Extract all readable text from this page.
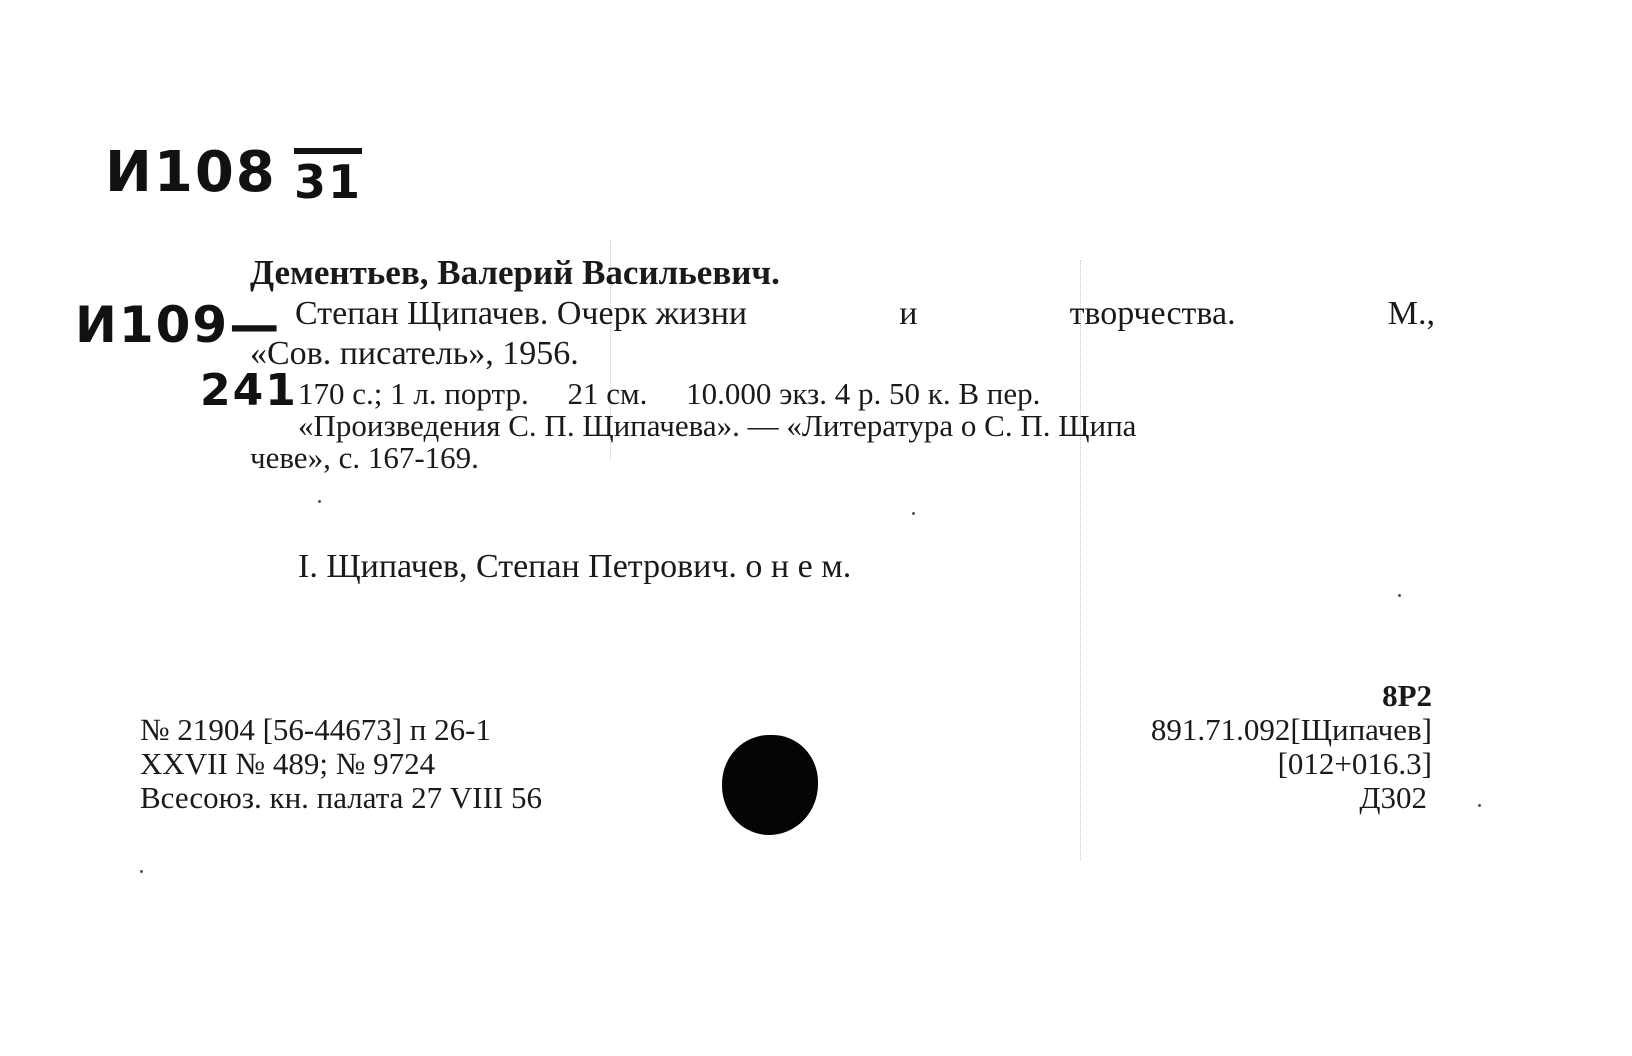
И108 31
И109—
241
Дементьев, Валерий Васильевич.
Степан Щипачев. Очерк жизни	и	творчества.	М.,
«Сов. писатель», 1956.
170 с.; 1 л. портр.     21 см.     10.000 экз. 4 р. 50 к. В пер.
«Произведения С. П. Щипачева». — «Литература о С. П. Щипа
чеве», с. 167-169.
I. Щипачев, Степан Петрович. о н е м.
№ 21904 [56-44673] п 26-1
XXVII № 489; № 9724
Всесоюз. кн. палата 27 VIII 56
8Р2
891.71.092[Щипачев]
[012+016.3]
Д302
